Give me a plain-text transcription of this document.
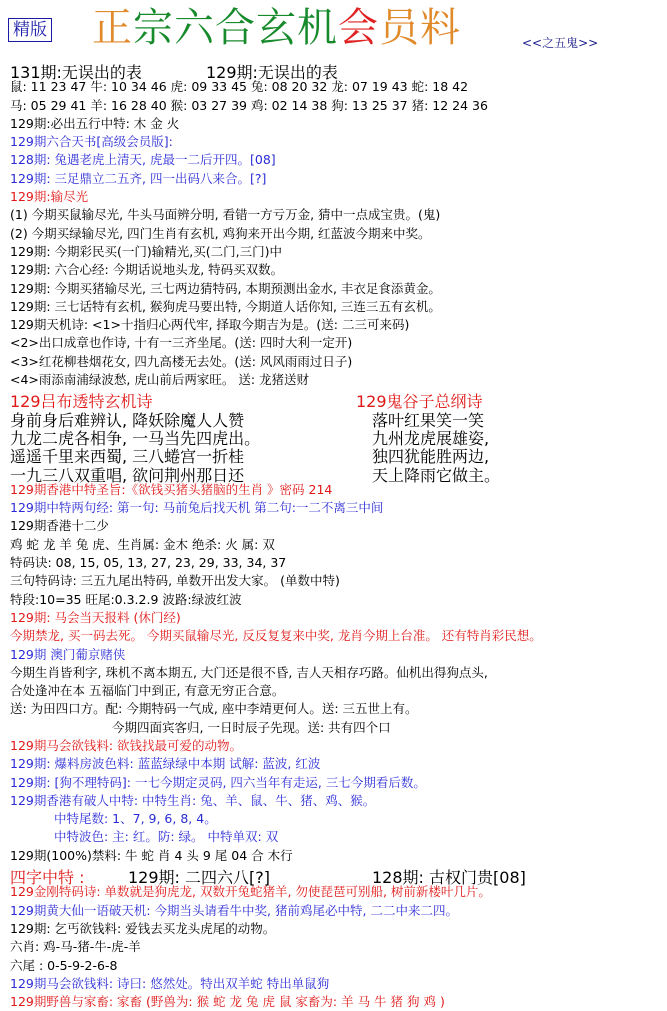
精版 正宗六合玄机会员料	<<之五鬼>>
131期:无误出的表	129期:无误出的表
鼠: 11 23 47 牛: 10 34 46 虎: 09 33 45 兔: 08 20 32 龙: 07 19 43 蛇: 18 42
马: 05 29 41 羊: 16 28 40 猴: 03 27 39 鸡: 02 14 38 狗: 13 25 37 猪: 12 24 36
129期:必出五行中特: 木 金 火
129期六合天书[高级会员版]:
128期: 兔遇老虎上清天, 虎最一二后开四。[08]
129期: 三足鼎立二五齐, 四一出码八来合。[?]
129期:输尽光
(1) 今期买鼠输尽光, 牛头马面辨分明, 看错一方亏万金, 猜中一点成宝贵。(鬼)
(2) 今期买绿输尽光, 四门生肖有玄机, 鸡狗来开出今期, 红蓝波今期来中奖。
129期: 今期彩民买(一门)输精光,买(二门,三门)中
129期: 六合心经: 今期话说地头龙, 特码买双数。
129期: 今期买猪输尽光, 三七两边猜特码, 本期预测出金水, 丰衣足食添黄金。
129期: 三七话特有玄机, 猴狗虎马要出特, 今期道人话你知, 三连三五有玄机。
129期天机诗: <1>十指归心两代牢, 择取今期吉为是。(送: 二三可来码)
<2>出口成章也作诗, 十有一三齐坐尾。(送: 四时大利一定开)
<3>红花柳巷烟花女, 四九高楼无去处。(送: 风风雨雨过日子)
<4>雨添南浦绿波愁, 虎山前后两家旺。 送: 龙猪送财
129吕布透特玄机诗	129鬼谷子总纲诗
身前身后难辨认, 降妖除魔人人赞	落叶红果笑一笑
九龙二虎各相争, 一马当先四虎出。	九州龙虎展雄姿,
遥遥千里来西蜀, 三八蜷宫一折桂	独四犹能胜两边,
一九三八双重唱, 欲问荆州那日还	天上降雨它做主。
129期香港中特圣旨:《欲钱买猪头猪脑的生肖 》密码 214
129期中特两句经: 第一句: 马前兔后找天机 第二句:一二不离三中间
129期香港十二少
鸡 蛇 龙 羊 兔 虎、生肖属: 金木 绝杀: 火 属: 双
特码诀: 08, 15, 05, 13, 27, 23, 29, 33, 34, 37
三句特码诗: 三五九尾出特码, 单数开出发大家。 (单数中特)
特段:10=35 旺尾:0.3.2.9 波路:绿波红波
129期: 马会当天报料 (休门经)
今期禁龙, 买一码去死。 今期买鼠输尽光, 反反复复来中奖, 龙肖今期上台准。 还有特肖彩民想。
129期 澳门葡京赌侠
今期生肖皆利字, 珠机不离本期五, 大门还是很不昏, 吉人天相存巧路。仙机出得狗点头,
合处逢冲在本 五福临门中到正, 有意无穷正合意。
送: 为田四口方。配: 今期特码一气成, 座中李靖更何人。送: 三五世上有。
今期四面宾客归, 一日时辰子先现。送: 共有四个口
129期马会欲钱料: 欲钱找最可爱的动物。
129期: 爆料房波色料: 蓝蓝绿绿中本期 试解: 蓝波, 红波
129期: [狗不理特码]: 一七今期定灵码, 四六当年有走运, 三七今期看后数。
129期香港有破人中特: 中特生肖: 兔、羊、鼠、牛、猪、鸡、猴。
中特尾数: 1、7, 9, 6, 8, 4。
中特波色: 主: 红。防: 绿。 中特单双: 双
129期(100%)禁料: 牛 蛇 肖 4 头 9 尾 04 合 木行
四字中特 :	129期: 二四六八[?]	128期: 古权门贵[08]
129金刚特码诗: 单数就是狗虎龙, 双数开兔蛇猪羊, 勿使琵琶可别船, 树前新楼叶几片。
129期黄大仙一语破天机: 今期当头请看牛中奖, 猪前鸡尾必中特, 二二中来二四。
129期: 乞丐欲钱料: 爱钱去买龙头虎尾的动物。
六肖: 鸡-马-猪-牛-虎-羊
六尾 : 0-5-9-2-6-8
129期马会欲钱料: 诗曰: 悠然处。特出双羊蛇 特出单鼠狗
129期野兽与家畜: 家畜 (野兽为: 猴 蛇 龙 兔 虎 鼠 家畜为: 羊 马 牛 猪 狗 鸡 )
